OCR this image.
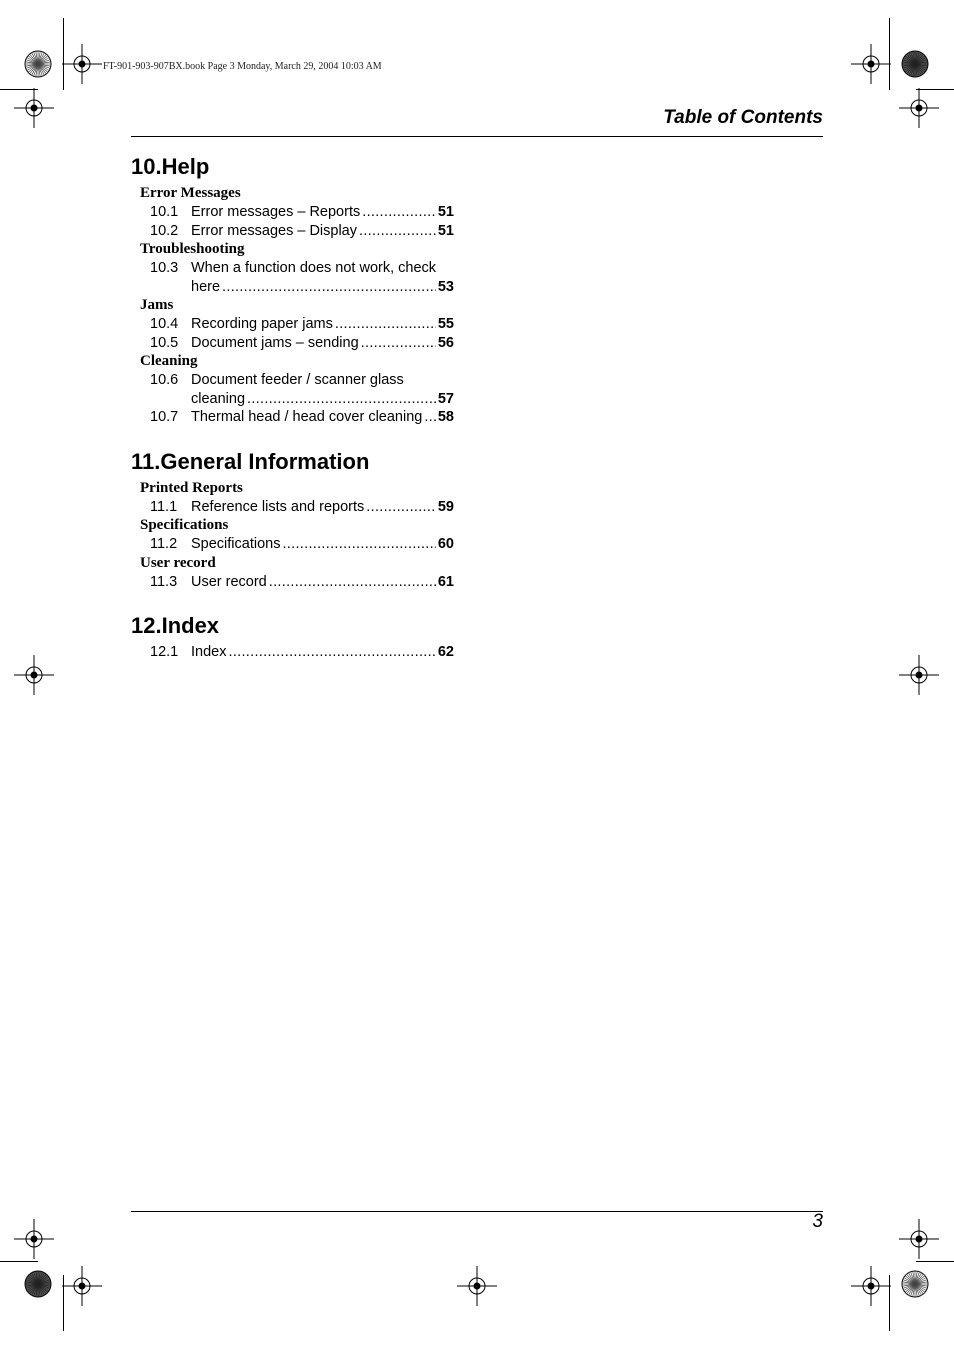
FT-901-903-907BX.book Page 3 Monday, March 29, 2004 10:03 AM
Table of Contents
10.Help
Error Messages
10.1 Error messages – Reports .....	51
10.2 Error messages – Display .....	51
Troubleshooting
10.3 When a function does not work, check
here .....	53
Jams
10.4 Recording paper jams .....	55
10.5 Document jams – sending .....	56
Cleaning
10.6 Document feeder / scanner glass
cleaning .....	57
10.7 Thermal head / head cover cleaning ..... 58
11.General Information
Printed Reports
11.1 Reference lists and reports .....	59
Specifications
11.2 Specifications .....	60
User record
11.3 User record .....	61
12.Index
12.1 Index .....	62
3
